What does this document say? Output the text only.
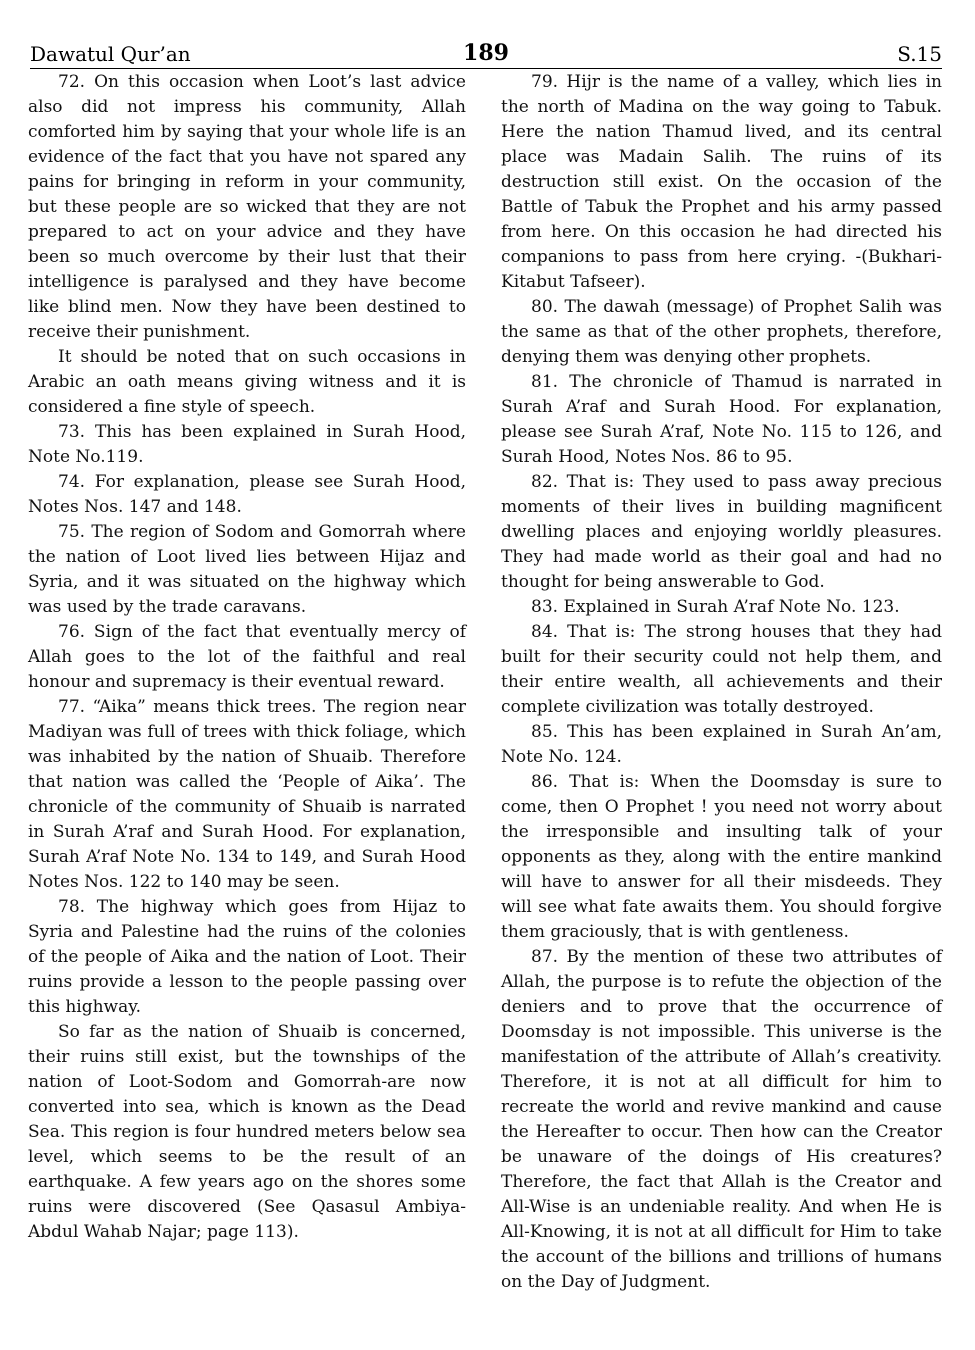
Dawatul Qur’an	189	S.15

72. On this occasion when Loot’s last advice also did not impress his community, Allah comforted him by saying that your whole life is an evidence of the fact that you have not spared any pains for bringing in reform in your community, but these people are so wicked that they are not prepared to act on your advice and they have been so much overcome by their lust that their intelligence is paralysed and they have become like blind men. Now they have been destined to receive their punishment.

It should be noted that on such occasions in Arabic an oath means giving witness and it is considered a fine style of speech.

73. This has been explained in Surah Hood, Note No.119.

74. For explanation, please see Surah Hood, Notes Nos. 147 and 148.

75. The region of Sodom and Gomorrah where the nation of Loot lived lies between Hijaz and Syria, and it was situated on the highway which was used by the trade caravans.

76. Sign of the fact that eventually mercy of Allah goes to the lot of the faithful and real honour and supremacy is their eventual reward.

77. “Aika” means thick trees. The region near Madiyan was full of trees with thick foliage, which was inhabited by the nation of Shuaib. Therefore that nation was called the ‘People of Aika’. The chronicle of the community of Shuaib is narrated in Surah A’raf and Surah Hood. For explanation, Surah A’raf Note No. 134 to 149, and Surah Hood Notes Nos. 122 to 140 may be seen.

78. The highway which goes from Hijaz to Syria and Palestine had the ruins of the colonies of the people of Aika and the nation of Loot. Their ruins provide a lesson to the people passing over this highway.

So far as the nation of Shuaib is concerned, their ruins still exist, but the townships of the nation of Loot-Sodom and Gomorrah-are now converted into sea, which is known as the Dead Sea. This region is four hundred meters below sea level, which seems to be the result of an earthquake. A few years ago on the shores some ruins were discovered (See Qasasul Ambiya- Abdul Wahab Najar; page 113).

79. Hijr is the name of a valley, which lies in the north of Madina on the way going to Tabuk. Here the nation Thamud lived, and its central place was Madain Salih. The ruins of its destruction still exist. On the occasion of the Battle of Tabuk the Prophet and his army passed from here. On this occasion he had directed his companions to pass from here crying. -(Bukhari-Kitabut Tafseer).

80. The dawah (message) of Prophet Salih was the same as that of the other prophets, therefore, denying them was denying other prophets.

81. The chronicle of Thamud is narrated in Surah A’raf and Surah Hood. For explanation, please see Surah A’raf, Note No. 115 to 126, and Surah Hood, Notes Nos. 86 to 95.

82. That is: They used to pass away precious moments of their lives in building magnificent dwelling places and enjoying worldly pleasures. They had made world as their goal and had no thought for being answerable to God.

83. Explained in Surah A’raf Note No. 123.

84. That is: The strong houses that they had built for their security could not help them, and their entire wealth, all achievements and their complete civilization was totally destroyed.

85. This has been explained in Surah An’am, Note No. 124.

86. That is: When the Doomsday is sure to come, then O Prophet ! you need not worry about the irresponsible and insulting talk of your opponents as they, along with the entire mankind will have to answer for all their misdeeds. They will see what fate awaits them. You should forgive them graciously, that is with gentleness.

87. By the mention of these two attributes of Allah, the purpose is to refute the objection of the deniers and to prove that the occurrence of Doomsday is not impossible. This universe is the manifestation of the attribute of Allah’s creativity. Therefore, it is not at all difficult for him to recreate the world and revive mankind and cause the Hereafter to occur. Then how can the Creator be unaware of the doings of His creatures? Therefore, the fact that Allah is the Creator and All-Wise is an undeniable reality. And when He is All-Knowing, it is not at all difficult for Him to take the account of the billions and trillions of humans on the Day of Judgment.
